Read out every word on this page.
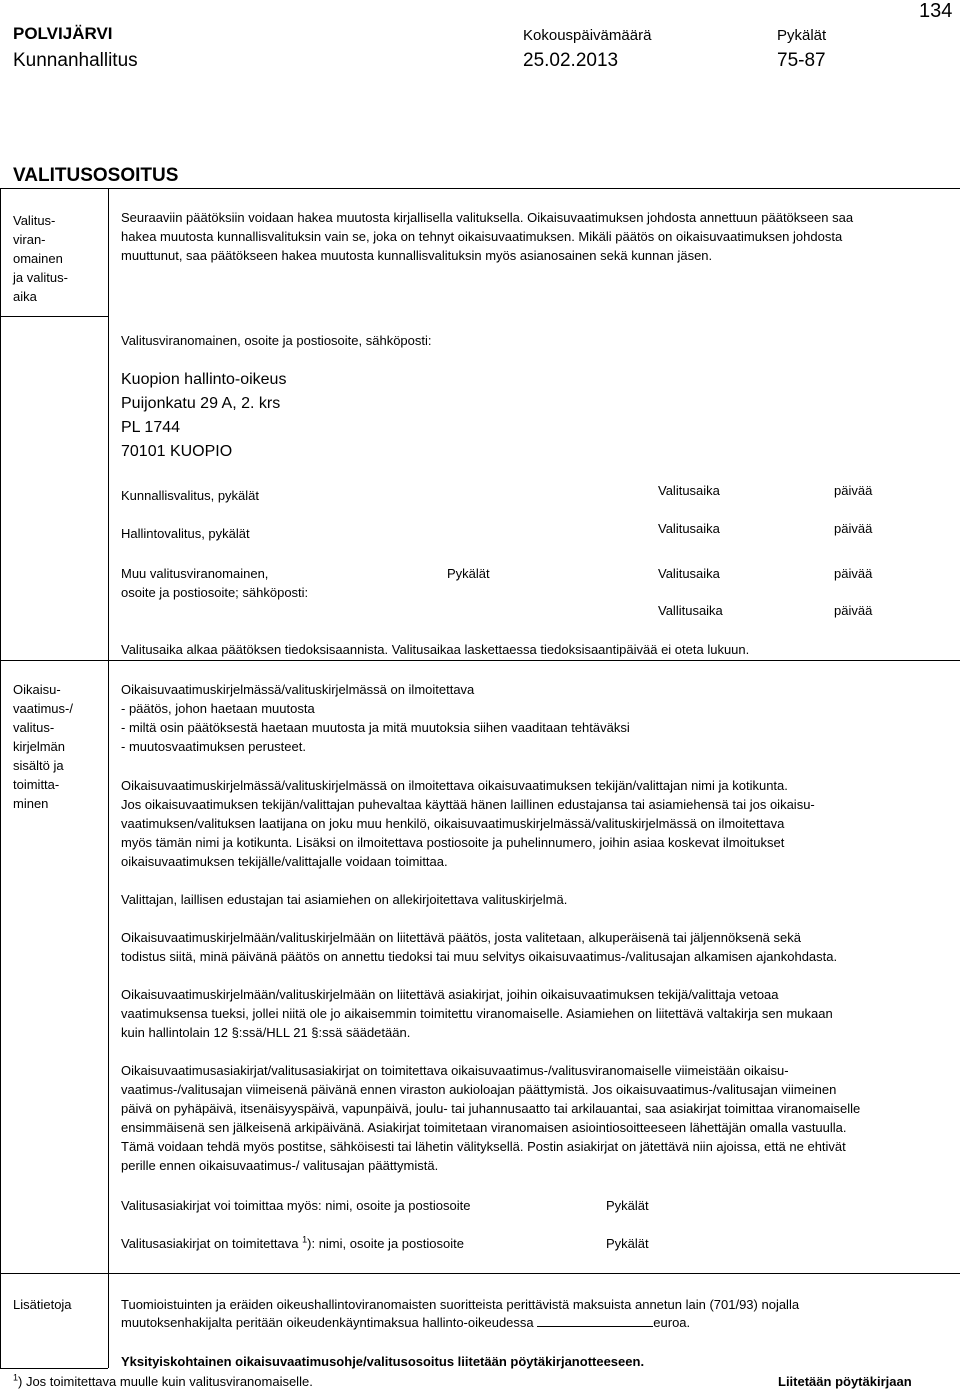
POLVIJÄRVI
Kunnanhallitus
Kokouspäivämäärä
25.02.2013
Pykälät
75-87
134
VALITUSOSOITUS
Valitus-
viran-
omainen
ja valitus-
aika
Seuraaviin päätöksiin voidaan hakea muutosta kirjallisella valituksella. Oikaisuvaatimuksen johdosta annettuun päätökseen saa
hakea muutosta kunnallisvalituksin vain se, joka on tehnyt oikaisuvaatimuksen. Mikäli päätös on oikaisuvaatimuksen johdosta
muuttunut, saa päätökseen hakea muutosta kunnallisvalituksin myös asianosainen sekä kunnan jäsen.
Valitusviranomainen, osoite ja postiosoite, sähköposti:
Kuopion hallinto-oikeus
Puijonkatu 29 A, 2. krs
PL 1744
70101 KUOPIO
Kunnallisvalitus, pykälät	Valitusaika	päivää
Hallintovalitus, pykälät	Valitusaika	päivää
Muu valitusviranomainen,
osoite ja postiosoite; sähköposti:
Pykälät	Valitusaika	päivää
Vallitusaika	päivää
Valitusaika alkaa päätöksen tiedoksisaannista. Valitusaikaa laskettaessa tiedoksisaantipäivää ei oteta lukuun.
Oikaisu-
vaatimus-/
valitus-
kirjelmän
sisältö ja
toimitta-
minen
Oikaisuvaatimuskirjelmässä/valituskirjelmässä on ilmoitettava
- päätös, johon haetaan muutosta
- miltä osin päätöksestä haetaan muutosta ja mitä muutoksia siihen vaaditaan tehtäväksi
- muutosvaatimuksen perusteet.
Oikaisuvaatimuskirjelmässä/valituskirjelmässä on ilmoitettava oikaisuvaatimuksen tekijän/valittajan nimi ja kotikunta.
Jos oikaisuvaatimuksen tekijän/valittajan puhevaltaa käyttää hänen laillinen edustajansa tai asiamiehensä tai jos oikaisu-
vaatimuksen/valituksen laatijana on joku muu henkilö, oikaisuvaatimuskirjelmässä/valituskirjelmässä on ilmoitettava
myös tämän nimi ja kotikunta. Lisäksi on ilmoitettava postiosoite ja puhelinnumero, joihin asiaa koskevat ilmoitukset
oikaisuvaatimuksen tekijälle/valittajalle voidaan toimittaa.
Valittajan, laillisen edustajan tai asiamiehen on allekirjoitettava valituskirjelmä.
Oikaisuvaatimuskirjelmään/valituskirjelmään on liitettävä päätös, josta valitetaan, alkuperäisenä tai jäljennöksenä sekä
todistus siitä, minä päivänä päätös on annettu tiedoksi tai muu selvitys oikaisuvaatimus-/valitusajan alkamisen ajankohdasta.
Oikaisuvaatimuskirjelmään/valituskirjelmään on liitettävä asiakirjat, joihin oikaisuvaatimuksen tekijä/valittaja vetoaa
vaatimuksensa tueksi, jollei niitä ole jo aikaisemmin toimitettu viranomaiselle. Asiamiehen on liitettävä valtakirja sen mukaan
kuin hallintolain 12 §:ssä/HLL 21 §:ssä säädetään.
Oikaisuvaatimusasiakirjat/valitusasiakirjat on toimitettava oikaisuvaatimus-/valitusviranomaiselle viimeistään oikaisu-
vaatimus-/valitusajan viimeisenä päivänä ennen viraston aukioloajan päättymistä. Jos oikaisuvaatimus-/valitusajan viimeinen
päivä on pyhäpäivä, itsenäisyyspäivä, vapunpäivä, joulu- tai juhannusaatto tai arkilauantai, saa asiakirjat toimittaa viranomaiselle
ensimmäisenä sen jälkeisenä arkipäivänä. Asiakirjat toimitetaan viranomaisen asiointiosoitteeseen lähettäjän omalla vastuulla.
Tämä voidaan tehdä myös postitse, sähköisesti tai lähetin välityksellä. Postin asiakirjat on jätettävä niin ajoissa, että ne ehtivät
perille ennen oikaisuvaatimus-/ valitusajan päättymistä.
Valitusasiakirjat voi toimittaa myös: nimi, osoite ja postiosoite	Pykälät
Valitusasiakirjat on toimitettava $^1$): nimi, osoite ja postiosoite	Pykälät
Lisätietoja	Tuomioistuinten ja eräiden oikeushallintoviranomaisten suoritteista perittävistä maksuista annetun lain (701/93) nojalla
muutoksenhakijalta peritään oikeudenkäyntimaksua hallinto-oikeudessa	euroa.
Yksityiskohtainen oikaisuvaatimusohje/valitusosoitus liitetään pöytäkirjanotteeseen.
$^1$) Jos toimitettava muulle kuin valitusviranomaiselle.	Liitetään pöytäkirjaan
